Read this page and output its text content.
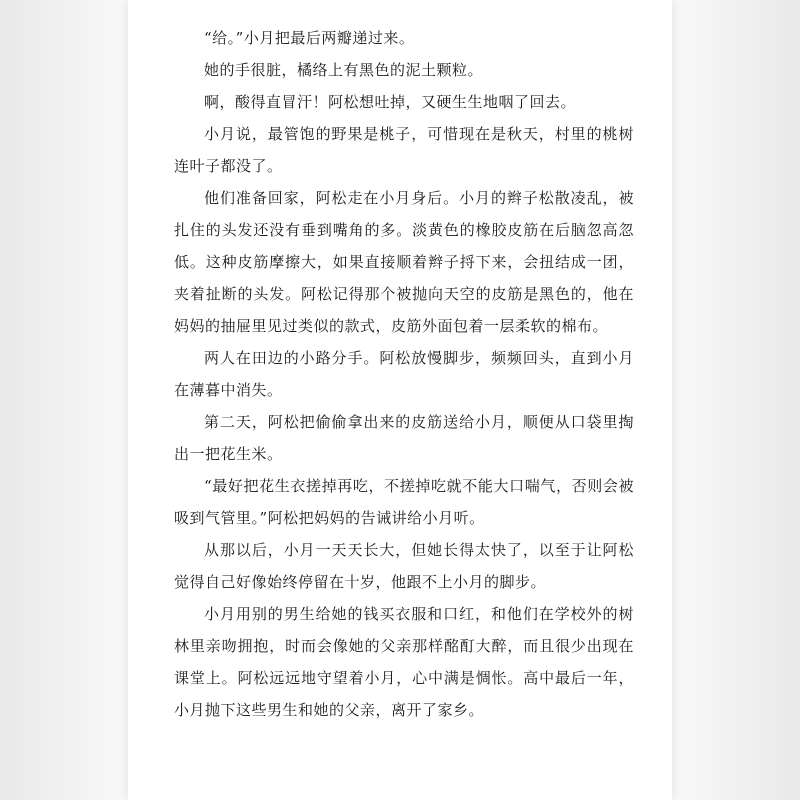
“给。”小月把最后两瓣递过来。

她的手很脏，橘络上有黑色的泥土颗粒。

啊，酸得直冒汗！阿松想吐掉，又硬生生地咽了回去。

小月说，最管饱的野果是桃子，可惜现在是秋天，村里的桃树连叶子都没了。

他们准备回家，阿松走在小月身后。小月的辫子松散凌乱，被扎住的头发还没有垂到嘴角的多。淡黄色的橡胶皮筋在后脑忽高忽低。这种皮筋摩擦大，如果直接顺着辫子捋下来，会扭结成一团，夹着扯断的头发。阿松记得那个被抛向天空的皮筋是黑色的，他在妈妈的抽屉里见过类似的款式，皮筋外面包着一层柔软的棉布。

两人在田边的小路分手。阿松放慢脚步，频频回头，直到小月在薄暮中消失。

第二天，阿松把偷偷拿出来的皮筋送给小月，顺便从口袋里掏出一把花生米。

“最好把花生衣搓掉再吃，不搓掉吃就不能大口喘气，否则会被吸到气管里。”阿松把妈妈的告诫讲给小月听。

从那以后，小月一天天长大，但她长得太快了，以至于让阿松觉得自己好像始终停留在十岁，他跟不上小月的脚步。

小月用别的男生给她的钱买衣服和口红，和他们在学校外的树林里亲吻拥抱，时而会像她的父亲那样酩酊大醉，而且很少出现在课堂上。阿松远远地守望着小月，心中满是惆怅。高中最后一年，小月抛下这些男生和她的父亲，离开了家乡。
